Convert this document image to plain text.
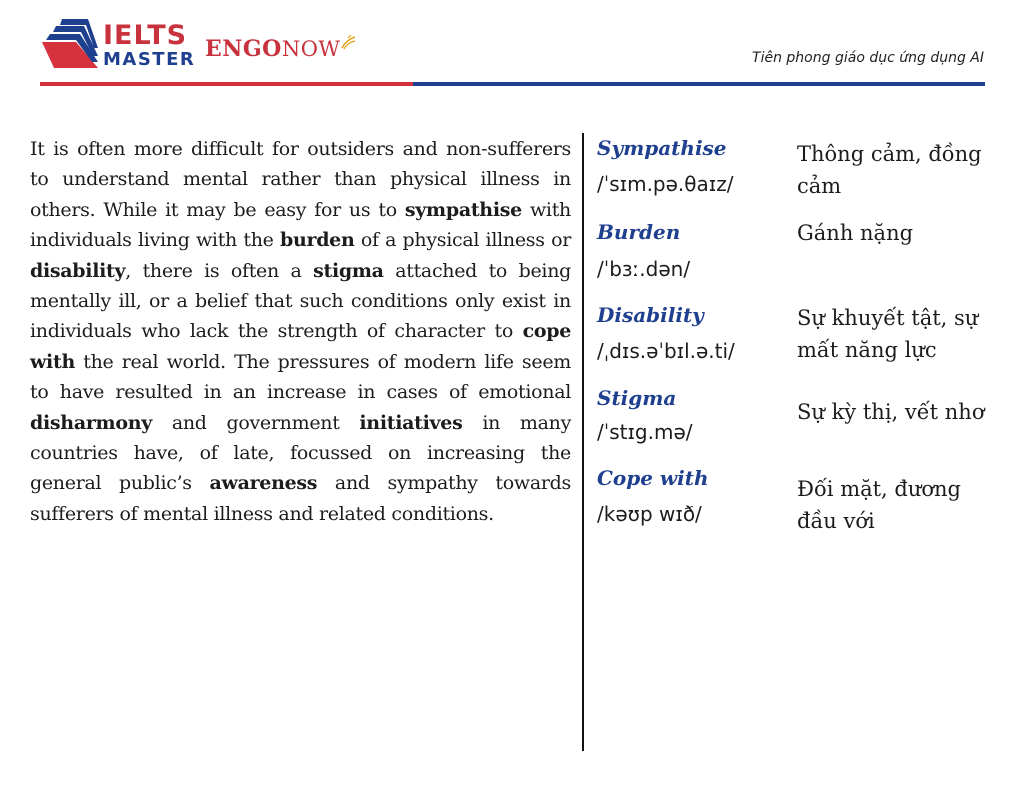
IELTS
MASTER ENGONOW	Tiên phong giáo dục ứng dụng AI
It is often more difficult for outsiders and non-sufferers to understand mental rather than physical illness in others. While it may be easy for us to sympathise with individuals living with the burden of a physical illness or disability, there is often a stigma attached to being mentally ill, or a belief that such conditions only exist in individuals who lack the strength of character to cope with the real world. The pressures of modern life seem to have resulted in an increase in cases of emotional disharmony and government initiatives in many countries have, of late, focussed on increasing the general public’s awareness and sympathy towards sufferers of mental illness and related conditions.
Sympathise
/ˈsɪm.pə.θaɪz/
Thông cảm, đồng cảm
Burden
/ˈbɜː.dən/
Gánh nặng
Disability
/ˌdɪs.əˈbɪl.ə.ti/
Sự khuyết tật, sự mất năng lực
Stigma
/ˈstɪg.mə/
Sự kỳ thị, vết nhơ
Cope with
/kəʊp wɪð/
Đối mặt, đương đầu với
